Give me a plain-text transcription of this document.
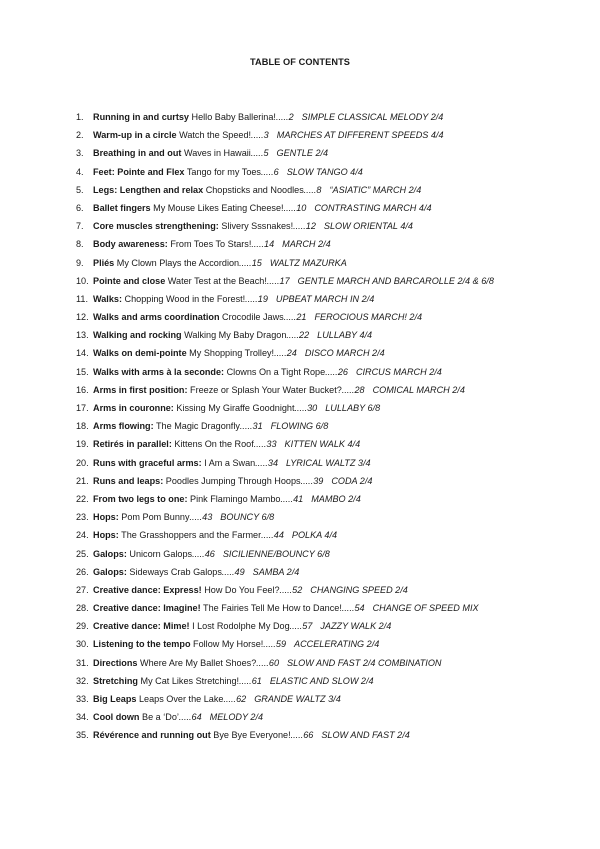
TABLE OF CONTENTS
1. Running in and curtsy Hello Baby Ballerina!.....2 SIMPLE CLASSICAL MELODY 2/4
2. Warm-up in a circle Watch the Speed!.....3 MARCHES AT DIFFERENT SPEEDS 4/4
3. Breathing in and out Waves in Hawaii.....5 GENTLE 2/4
4. Feet: Pointe and Flex Tango for my Toes.....6 SLOW TANGO 4/4
5. Legs: Lengthen and relax Chopsticks and Noodles.....8 “ASIATIC” MARCH 2/4
6. Ballet fingers My Mouse Likes Eating Cheese!.....10 CONTRASTING MARCH 4/4
7. Core muscles strengthening: Slivery Sssnakes!.....12 SLOW ORIENTAL 4/4
8. Body awareness: From Toes To Stars!.....14 MARCH 2/4
9. Pliés My Clown Plays the Accordion.....15 WALTZ MAZURKA
10. Pointe and close Water Test at the Beach!.....17 GENTLE MARCH AND BARCAROLLE 2/4 & 6/8
11. Walks: Chopping Wood in the Forest!.....19 UPBEAT MARCH IN 2/4
12. Walks and arms coordination Crocodile Jaws.....21 FEROCIOUS MARCH! 2/4
13. Walking and rocking Walking My Baby Dragon.....22 LULLABY 4/4
14. Walks on demi-pointe My Shopping Trolley!.....24 DISCO MARCH 2/4
15. Walks with arms à la seconde: Clowns On a Tight Rope.....26 CIRCUS MARCH 2/4
16. Arms in first position: Freeze or Splash Your Water Bucket?.....28 COMICAL MARCH 2/4
17. Arms in couronne: Kissing My Giraffe Goodnight.....30 LULLABY 6/8
18. Arms flowing: The Magic Dragonfly.....31 FLOWING 6/8
19. Retirés in parallel: Kittens On the Roof.....33 KITTEN WALK 4/4
20. Runs with graceful arms: I Am a Swan.....34 LYRICAL WALTZ 3/4
21. Runs and leaps: Poodles Jumping Through Hoops.....39 CODA 2/4
22. From two legs to one: Pink Flamingo Mambo.....41 MAMBO 2/4
23. Hops: Pom Pom Bunny.....43 BOUNCY 6/8
24. Hops: The Grasshoppers and the Farmer.....44 POLKA 4/4
25. Galops: Unicorn Galops.....46 SICILIENNE/BOUNCY 6/8
26. Galops: Sideways Crab Galops.....49 SAMBA 2/4
27. Creative dance: Express! How Do You Feel?.....52 CHANGING SPEED 2/4
28. Creative dance: Imagine! The Fairies Tell Me How to Dance!.....54 CHANGE OF SPEED MIX
29. Creative dance: Mime! I Lost Rodolphe My Dog.....57 JAZZY WALK 2/4
30. Listening to the tempo Follow My Horse!.....59 ACCELERATING 2/4
31. Directions Where Are My Ballet Shoes?.....60 SLOW AND FAST 2/4 COMBINATION
32. Stretching My Cat Likes Stretching!.....61 ELASTIC AND SLOW 2/4
33. Big Leaps Leaps Over the Lake.....62 GRANDE WALTZ 3/4
34. Cool down Be a ‘Do’.....64 MELODY 2/4
35. Révérence and running out Bye Bye Everyone!.....66 SLOW AND FAST 2/4
